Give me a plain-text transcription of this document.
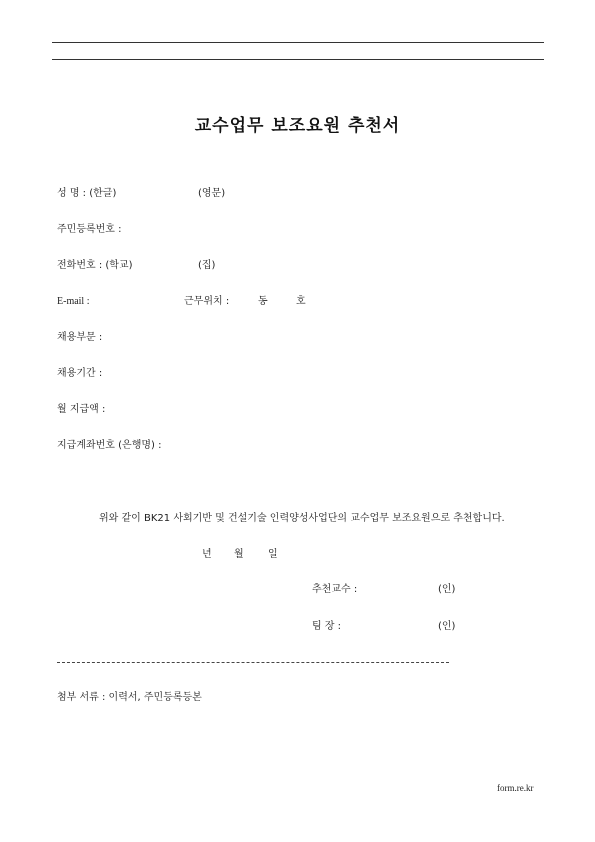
교수업무 보조요원 추천서
성 명 : (한글)	(영문)
주민등록번호 :
전화번호 : (학교)	(집)
E-mail :	근무위치 :	동	호
채용부문 :
채용기간 :
월 지급액 :
지급계좌번호 (은행명) :
위와 같이 BK21 사회기반 및 건설기술 인력양성사업단의 교수업무 보조요원으로 추천합니다.
년 월 일
추천교수 :	(인)
팀 장 :	(인)
첨부 서류 : 이력서, 주민등록등본
form.re.kr
